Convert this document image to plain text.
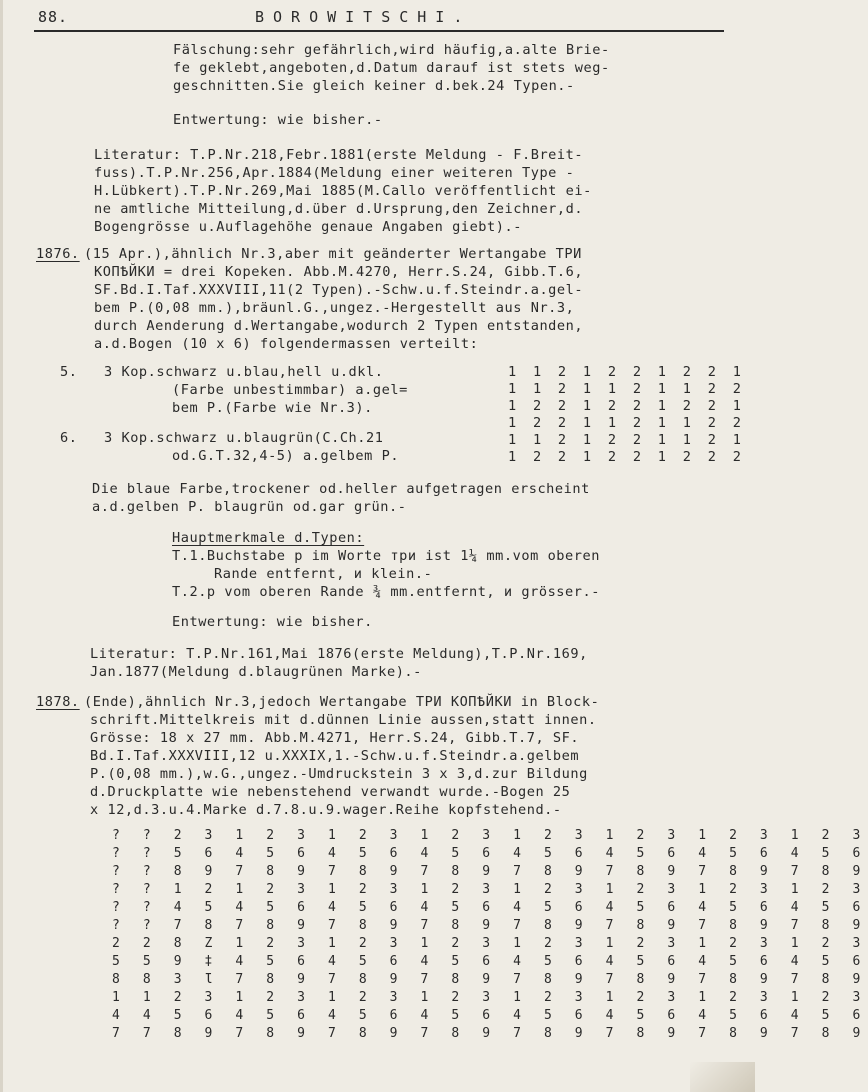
88.	BOROWITSCHI.
Fälschung:sehr gefährlich,wird häufig,a.alte Brie-
fe geklebt,angeboten,d.Datum darauf ist stets weg-
geschnitten.Sie gleich keiner d.bek.24 Typen.-
Entwertung: wie bisher.-
Literatur: T.P.Nr.218,Febr.1881(erste Meldung - F.Breit-
fuss).T.P.Nr.256,Apr.1884(Meldung einer weiteren Type -
H.Lübkert).T.P.Nr.269,Mai 1885(M.Callo veröffentlicht ei-
ne amtliche Mitteilung,d.über d.Ursprung,den Zeichner,d.
Bogengrösse u.Auflagehöhe genaue Angaben giebt).-
1876. (15 Apr.),ähnlich Nr.3,aber mit geänderter Wertangabe ТРИ
КОПѢЙКИ = drei Kopeken. Abb.M.4270, Herr.S.24, Gibb.T.6,
SF.Bd.I.Taf.XXXVIII,11(2 Typen).-Schw.u.f.Steindr.a.gel-
bem P.(0,08 mm.),bräunl.G.,ungez.-Hergestellt aus Nr.3,
durch Aenderung d.Wertangabe,wodurch 2 Typen entstanden,
a.d.Bogen (10 x 6) folgendermassen verteilt:
5. 3 Kop.schwarz u.blau,hell u.dkl.
(Farbe unbestimmbar) a.gel=
bem P.(Farbe wie Nr.3).
6. 3 Kop.schwarz u.blaugrün(C.Ch.21
od.G.T.32,4-5) a.gelbem P.
1 1 2 1 2 2 1 2 2 1
1 1 2 1 1 2 1 1 2 2
1 2 2 1 2 2 1 2 2 1
1 2 2 1 1 2 1 1 2 2
1 1 2 1 2 2 1 1 2 1
1 2 2 1 2 2 1 2 2 2
Die blaue Farbe,trockener od.heller aufgetragen erscheint
a.d.gelben P. blaugrün od.gar grün.-
Hauptmerkmale d.Typen:
T.1.Buchstabe р im Worte три ist 1¼ mm.vom oberen
Rande entfernt, и klein.-
T.2.р vom oberen Rande ¾ mm.entfernt, и grösser.-
Entwertung: wie bisher.
Literatur: T.P.Nr.161,Mai 1876(erste Meldung),T.P.Nr.169,
Jan.1877(Meldung d.blaugrünen Marke).-
1878. (Ende),ähnlich Nr.3,jedoch Wertangabe ТРИ КОПѢЙКИ in Block-
schrift.Mittelkreis mit d.dünnen Linie aussen,statt innen.
Grösse: 18 x 27 mm. Abb.M.4271, Herr.S.24, Gibb.T.7, SF.
Bd.I.Taf.XXXVIII,12 u.XXXIX,1.-Schw.u.f.Steindr.a.gelbem
P.(0,08 mm.),w.G.,ungez.-Umdruckstein 3 x 3,d.zur Bildung
d.Druckplatte wie nebenstehend verwandt wurde.-Bogen 25
x 12,d.3.u.4.Marke d.7.8.u.9.wager.Reihe kopfstehend.-
? ? 2 3 1 2 3 1 2 3 1 2 3 1 2 3 1 2 3 1 2 3 1 2 3
? ? 5 6 4 5 6 4 5 6 4 5 6 4 5 6 4 5 6 4 5 6 4 5 6
? ? 8 9 7 8 9 7 8 9 7 8 9 7 8 9 7 8 9 7 8 9 7 8 9
? ? 1 2 1 2 3 1 2 3 1 2 3 1 2 3 1 2 3 1 2 3 1 2 3
? ? 4 5 4 5 6 4 5 6 4 5 6 4 5 6 4 5 6 4 5 6 4 5 6
? ? 7 8 7 8 9 7 8 9 7 8 9 7 8 9 7 8 9 7 8 9 7 8 9
2 2 8 Z 1 2 3 1 2 3 1 2 3 1 2 3 1 2 3 1 2 3 1 2 3
5 5 9 ‡ 4 5 6 4 5 6 4 5 6 4 5 6 4 5 6 4 5 6 4 5 6
8 8 3 Ɩ 7 8 9 7 8 9 7 8 9 7 8 9 7 8 9 7 8 9 7 8 9
1 1 2 3 1 2 3 1 2 3 1 2 3 1 2 3 1 2 3 1 2 3 1 2 3
4 4 5 6 4 5 6 4 5 6 4 5 6 4 5 6 4 5 6 4 5 6 4 5 6
7 7 8 9 7 8 9 7 8 9 7 8 9 7 8 9 7 8 9 7 8 9 7 8 9
